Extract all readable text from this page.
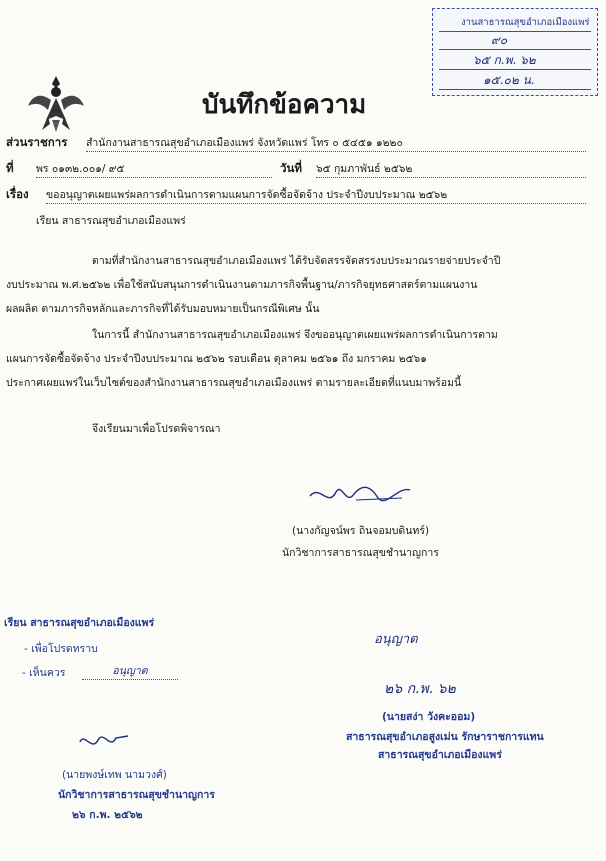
งานสาธารณสุขอำเภอเมืองแพร่
๙๐
๖๕ ก.พ. ๖๒
๑๕.๐๒ น.
บันทึกข้อความ
ส่วนราชการ สำนักงานสาธารณสุขอำเภอเมืองแพร่ จังหวัดแพร่ โทร ๐ ๕๔๕๑ ๑๒๒๐
ที่ พร ๐๑๓๒.๐๐๑/ ๙๕	วันที่ ๖๕ กุมภาพันธ์ ๒๕๖๒
เรื่อง ขออนุญาตเผยแพร่ผลการดำเนินการตามแผนการจัดซื้อจัดจ้าง ประจำปีงบประมาณ ๒๕๖๒
เรียน สาธารณสุขอำเภอเมืองแพร่
ตามที่สำนักงานสาธารณสุขอำเภอเมืองแพร่ ได้รับจัดสรรจัดสรรงบประมาณรายจ่ายประจำปี
งบประมาณ พ.ศ.๒๕๖๒ เพื่อใช้สนับสนุนการดำเนินงานตามภารกิจพื้นฐาน/ภารกิจยุทธศาสตร์ตามแผนงาน
ผลผลิต ตามภารกิจหลักและภารกิจที่ได้รับมอบหมายเป็นกรณีพิเศษ นั้น
ในการนี้ สำนักงานสาธารณสุขอำเภอเมืองแพร่ จึงขออนุญาตเผยแพร่ผลการดำเนินการตาม
แผนการจัดซื้อจัดจ้าง ประจำปีงบประมาณ ๒๕๖๒ รอบเดือน ตุลาคม ๒๕๖๑ ถึง มกราคม ๒๕๖๑
ประกาศเผยแพร่ในเว็บไซต์ของสำนักงานสาธารณสุขอำเภอเมืองแพร่ ตามรายละเอียดที่แนบมาพร้อมนี้
จึงเรียนมาเพื่อโปรดพิจารณา
(นางกัญจน์พร ถินจอมบดินทร์)
นักวิชาการสาธารณสุขชำนาญการ
เรียน สาธารณสุขอำเภอเมืองแพร่
- เพื่อโปรดทราบ
- เห็นควร	อนุญาต
(นายพงษ์เทพ นามวงศ์)
นักวิชาการสาธารณสุขชำนาญการ
๒๖ ก.พ. ๒๕๖๒
อนุญาต
๒๖ ก.พ. ๖๒
(นายสง่า วังคะออม)
สาธารณสุขอำเภอสูงเม่น รักษาราชการแทน
สาธารณสุขอำเภอเมืองแพร่
